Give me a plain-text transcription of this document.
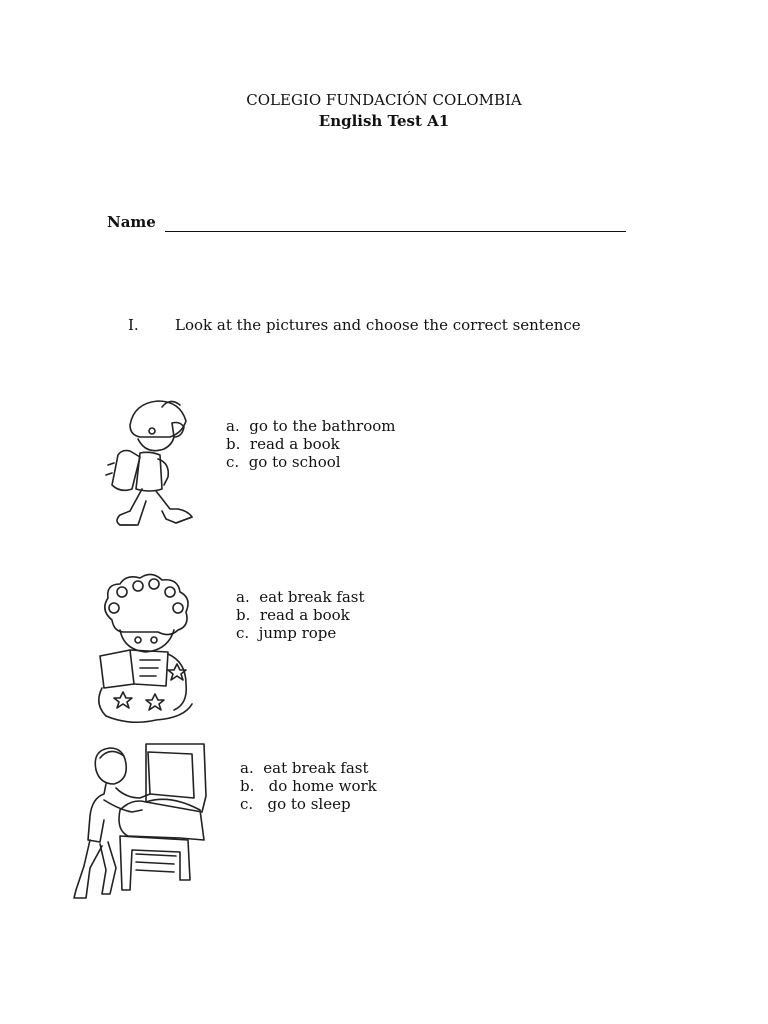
COLEGIO FUNDACIÓN COLOMBIA
English Test A1
Name
I. Look at the pictures and choose the correct sentence
a.  go to the bathroom
b.  read a book
c.  go to school
a.  eat break fast
b.  read a book
c.  jump rope
a.  eat break fast
b.   do home work
c.   go to sleep
